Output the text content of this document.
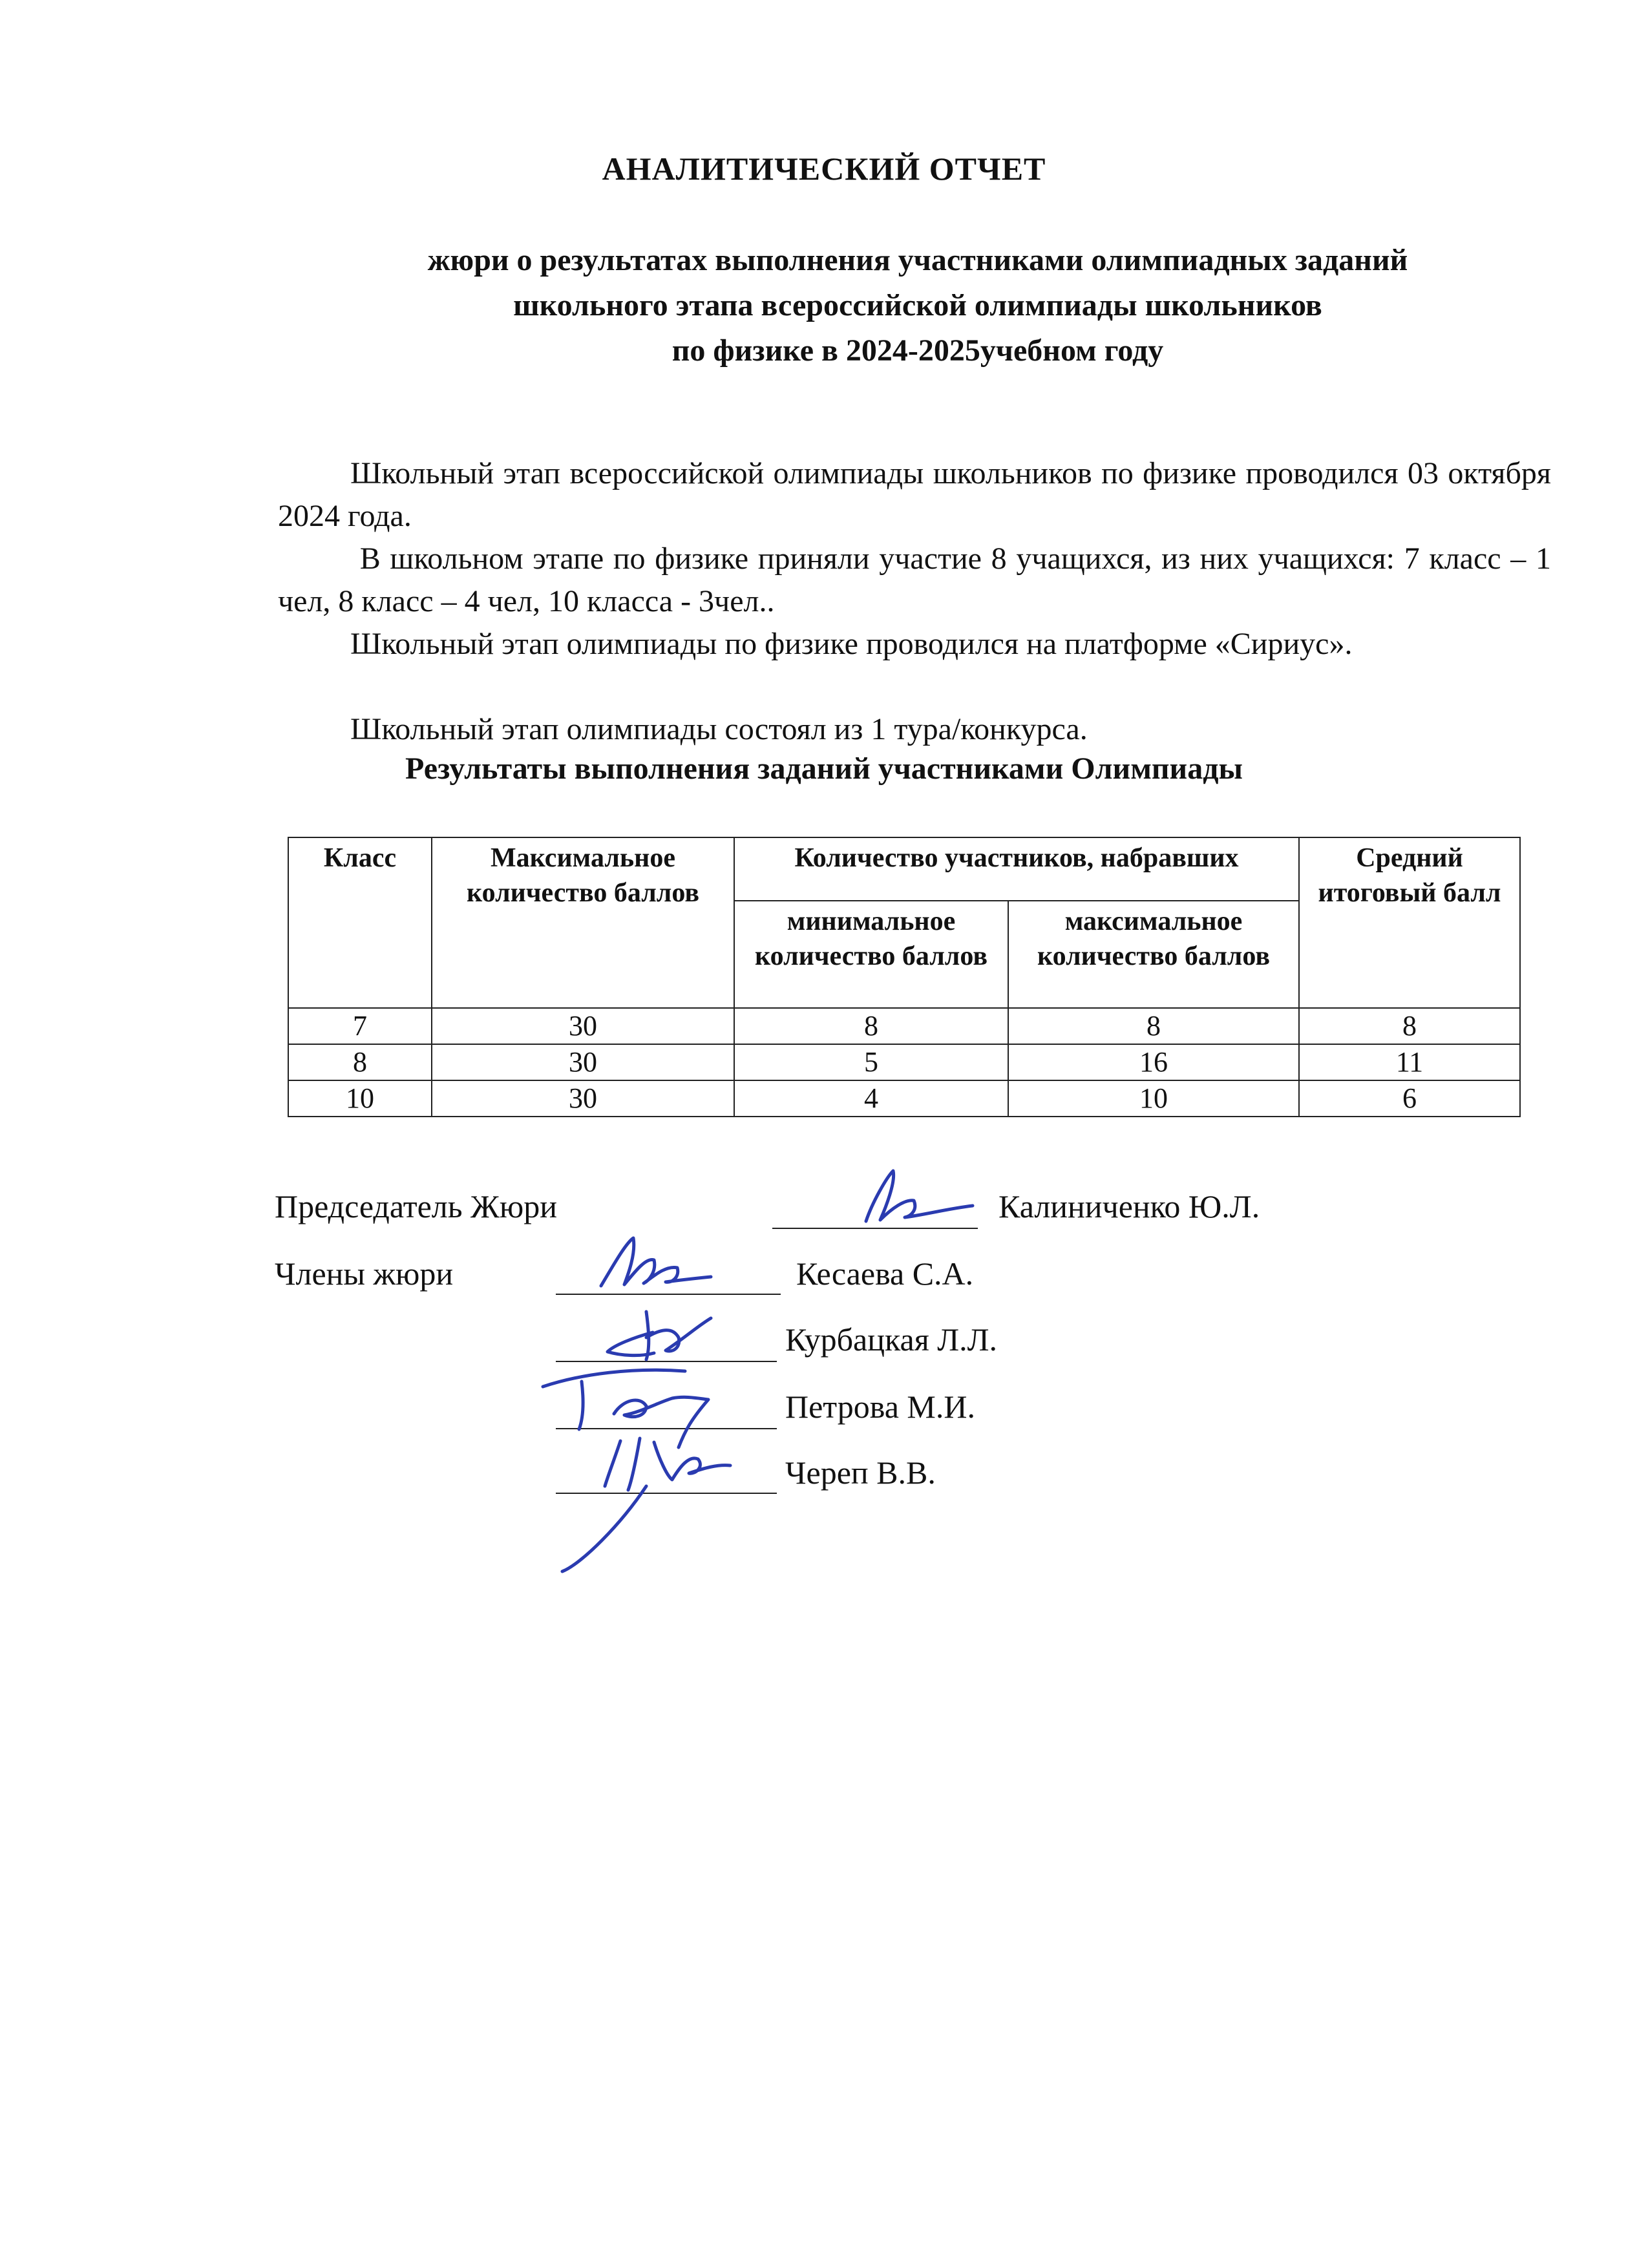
АНАЛИТИЧЕСКИЙ ОТЧЕТ
жюри о результатах выполнения участниками олимпиадных заданий
школьного этапа всероссийской олимпиады школьников
по физике в 2024-2025учебном году
Школьный этап всероссийской олимпиады школьников по физике проводился 03 октября 2024 года.
В школьном этапе по физике приняли участие 8 учащихся, из них учащихся: 7 класс – 1 чел, 8 класс – 4 чел, 10 класса - 3чел..
Школьный этап олимпиады по физике проводился на платформе «Сириус».
Школьный этап олимпиады состоял из 1 тура/конкурса.
Результаты выполнения заданий участниками Олимпиады
Класс	Максимальное количество баллов	Количество участников, набравших		Средний итоговый балл
		минимальное количество баллов	максимальное количество баллов	
7	30	8	8	8
8	30	5	16	11
10	30	4	10	6
Председатель Жюри	Калиниченко Ю.Л.
Члены жюри	Кесаева С.А.
Курбацкая Л.Л.
Петрова М.И.
Череп В.В.
